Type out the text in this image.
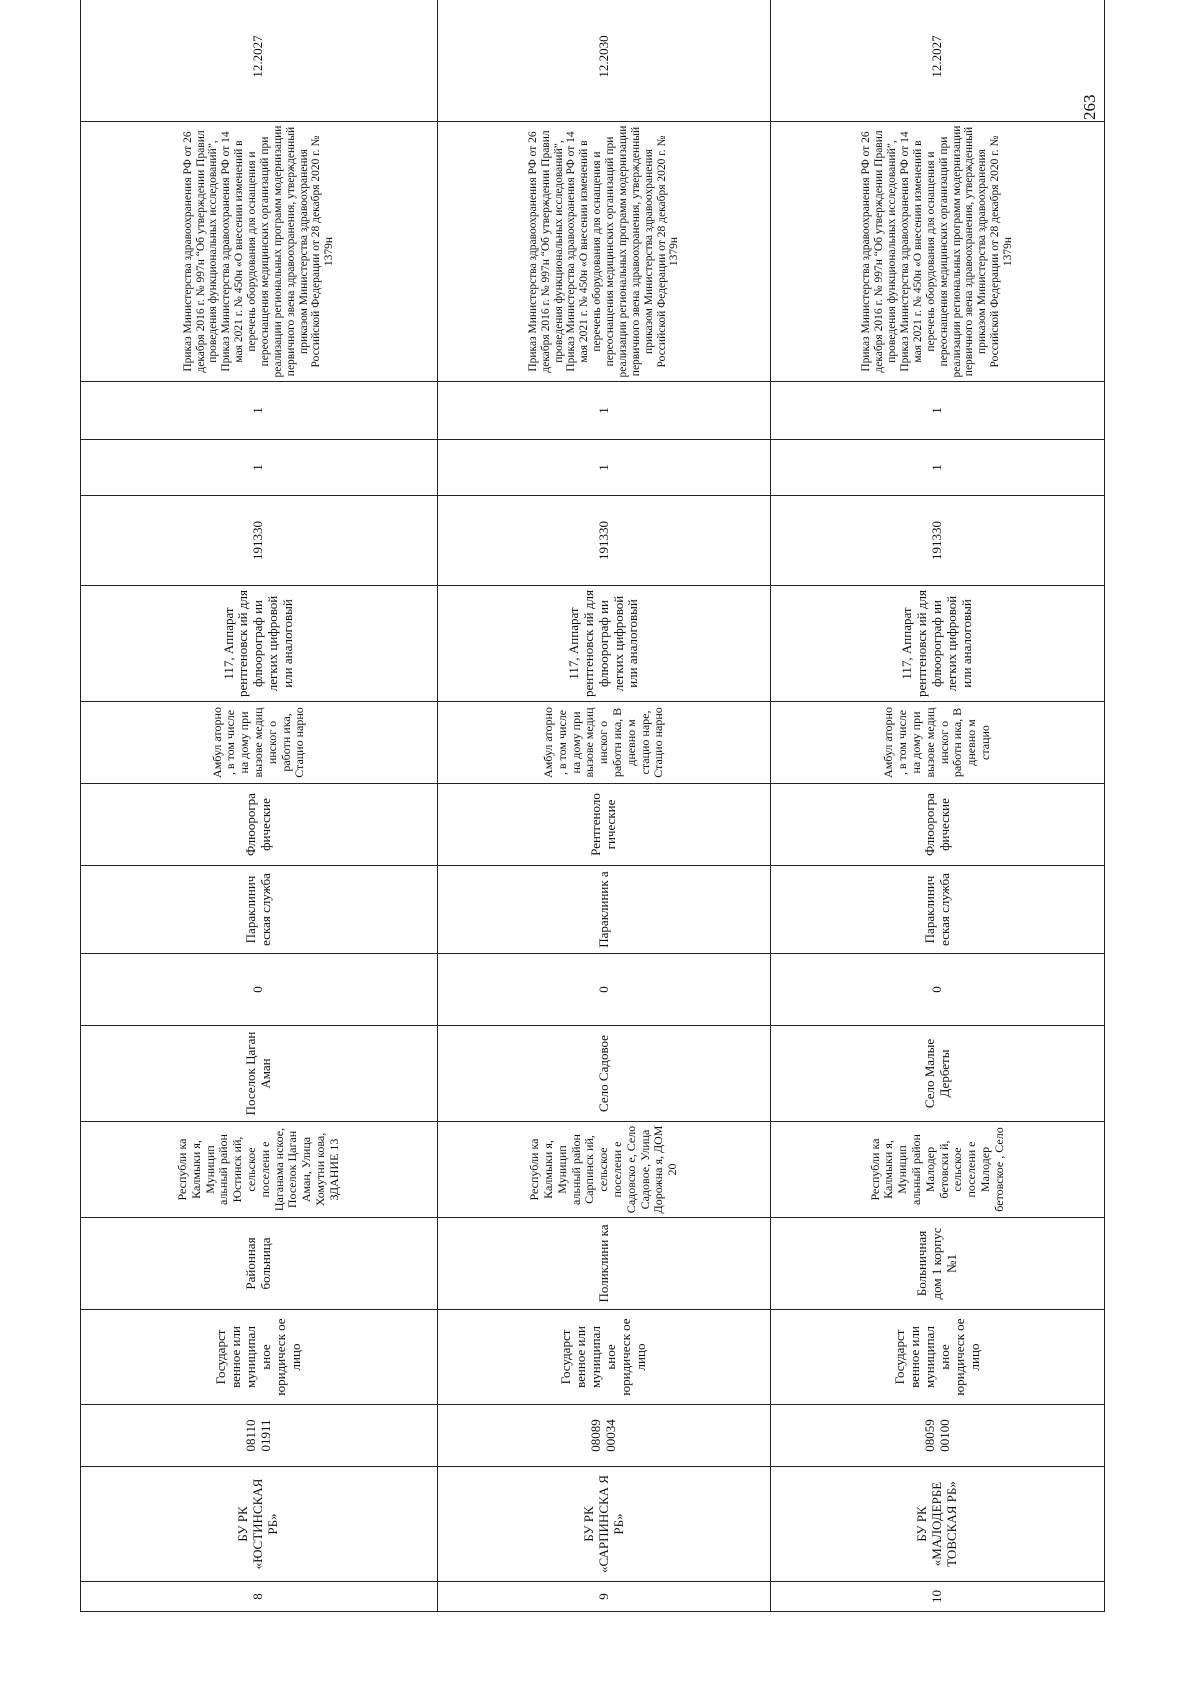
263
8	БУ РК «ЮСТИНСКАЯ РБ»	08110 01911	Государст венное или муниципал ьное юридическ ое лицо	Районная больница	Республи ка Калмыки я, Муницип альный район Юстинск ий, сельское поселени е Цаганама нское, Поселок Цаган Аман, Улица Хомутни кова, ЗДАНИЕ 13	Поселок Цаган Аман	0	Параклинич еская служба	Флюорогра фические	Амбул аторно , в том числе на дому при вызове медиц инског о работн ика, Стацио нарно	117, Аппарат рентгеновск ий для флюорограф ии легких цифровой или аналоговый	191330	1	1	Приказ Министерства здравоохранения РФ от 26 декабря 2016 г. № 997н “Об утверждении Правил проведения функциональных исследований”, Приказ Министерства здравоохранения РФ от 14 мая 2021 г. № 450н «О внесении изменений в перечень оборудования для оснащения и переоснащения медицинских организаций при реализации региональных программ модернизации первичного звена здравоохранения, утвержденный приказом Министерства здравоохранения Российской Федерации от 28 декабря 2020 г. № 1379н	12.2027
9	БУ РК «САРПИНСКА Я РБ»	08089 00034	Государст венное или муниципал ьное юридическ ое лицо	Поликлини ка	Республи ка Калмыки я, Муницип альный район Сарпинск ий, сельское поселени е Садовско е, Село Садовое, Улица Дорожна я, ДОМ 20	Село Садовое	0	Параклиник а	Рентгеноло гические	Амбул аторно , в том числе на дому при вызове медиц инског о работн ика, В дневно м стацио наре, Стацио нарно	117, Аппарат рентгеновск ий для флюорограф ии легких цифровой или аналоговый	191330	1	1	Приказ Министерства здравоохранения РФ от 26 декабря 2016 г. № 997н “Об утверждении Правил проведения функциональных исследований”, Приказ Министерства здравоохранения РФ от 14 мая 2021 г. № 450н «О внесении изменений в перечень оборудования для оснащения и переоснащения медицинских организаций при реализации региональных программ модернизации первичного звена здравоохранения, утвержденный приказом Министерства здравоохранения Российской Федерации от 28 декабря 2020 г. № 1379н	12.2030
10	БУ РК «МАЛОДЕРБЕ ТОВСКАЯ РБ»	08059 00100	Государст венное или муниципал ьное юридическ ое лицо	Больничная дом 1 корпус №1	Республи ка Калмыки я, Муницип альный район Малодер бетовски й, сельское поселени е Малодер бетовское , Село	Село Малые Дербеты	0	Параклинич еская служба	Флюорогра фические	Амбул аторно , в том числе на дому при вызове медиц инског о работн ика, В дневно м стацио	117, Аппарат рентгеновск ий для флюорограф ии легких цифровой или аналоговый	191330	1	1	Приказ Министерства здравоохранения РФ от 26 декабря 2016 г. № 997н “Об утверждении Правил проведения функциональных исследований”, Приказ Министерства здравоохранения РФ от 14 мая 2021 г. № 450н «О внесении изменений в перечень оборудования для оснащения и переоснащения медицинских организаций при реализации региональных программ модернизации первичного звена здравоохранения, утвержденный приказом Министерства здравоохранения Российской Федерации от 28 декабря 2020 г. № 1379н	12.2027
